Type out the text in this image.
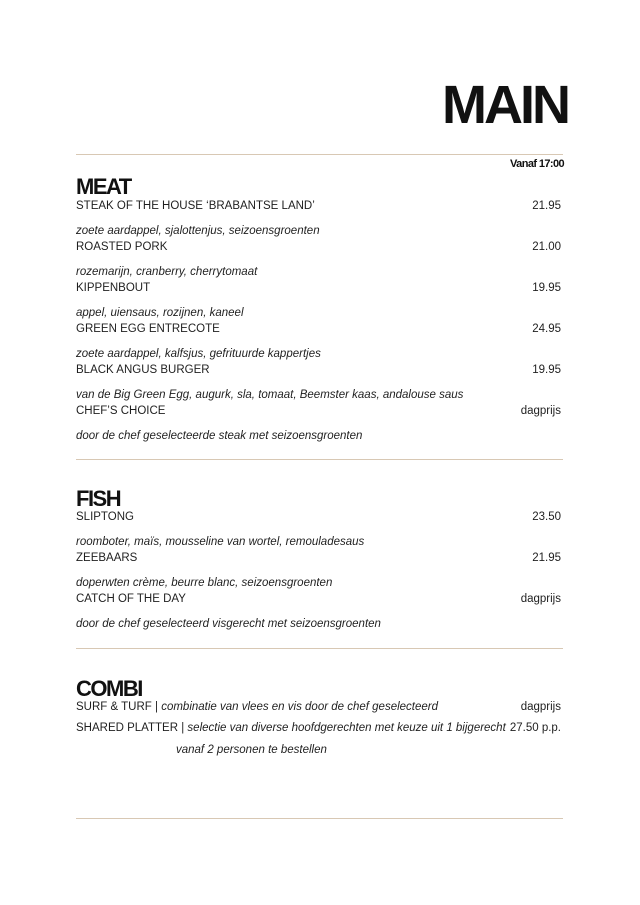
MAIN
Vanaf 17:00
MEAT
STEAK OF THE HOUSE ‘BRABANTSE LAND’	21.95
zoete aardappel, sjalottenjus, seizoensgroenten
ROASTED PORK	21.00
rozemarijn, cranberry, cherrytomaat
KIPPENBOUT	19.95
appel, uiensaus, rozijnen, kaneel
GREEN EGG ENTRECOTE	24.95
zoete aardappel, kalfsjus, gefrituurde kappertjes
BLACK ANGUS BURGER	19.95
van de Big Green Egg, augurk, sla, tomaat, Beemster kaas, andalouse saus
CHEF’S CHOICE	dagprijs
door de chef geselecteerde steak met seizoensgroenten
FISH
SLIPTONG	23.50
roomboter, maïs, mousseline van wortel, remouladesaus
ZEEBAARS	21.95
doperwten crème, beurre blanc, seizoensgroenten
CATCH OF THE DAY	dagprijs
door de chef geselecteerd visgerecht met seizoensgroenten
COMBI
SURF & TURF | combinatie van vlees en vis door de chef geselecteerd	dagprijs
SHARED PLATTER | selectie van diverse hoofdgerechten met keuze uit 1 bijgerecht 27.50 p.p.
vanaf 2 personen te bestellen
